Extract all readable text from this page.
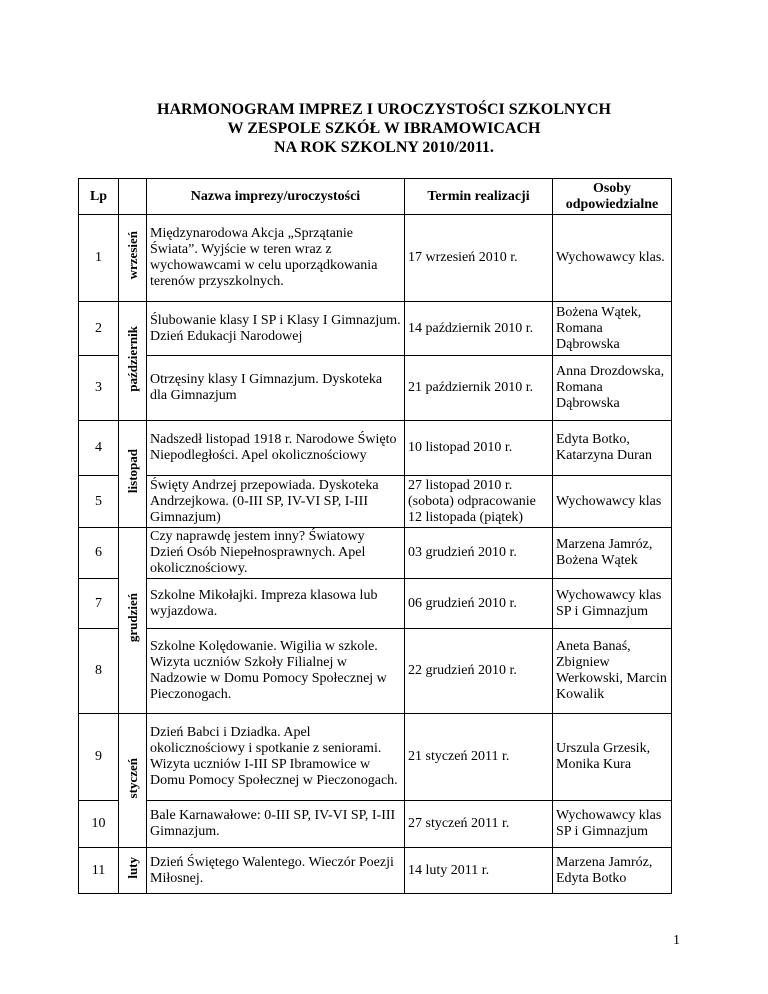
HARMONOGRAM IMPREZ I UROCZYSTOŚCI SZKOLNYCH
W ZESPOLE SZKÓŁ W IBRAMOWICACH
NA ROK SZKOLNY 2010/2011.
Lp		Nazwa imprezy/uroczystości	Termin realizacji	Osoby odpowiedzialne
1	wrzesień	Międzynarodowa Akcja „Sprzątanie Świata”. Wyjście w teren wraz z wychowawcami w celu uporządkowania terenów przyszkolnych.	17 wrzesień 2010 r.	Wychowawcy klas.
2	październik	Ślubowanie klasy I SP i Klasy I Gimnazjum. Dzień Edukacji Narodowej	14 październik 2010 r.	Bożena Wątek, Romana Dąbrowska
3		Otrzęsiny klasy I Gimnazjum. Dyskoteka dla Gimnazjum	21 październik 2010 r.	Anna Drozdowska, Romana Dąbrowska
4	listopad	Nadszedł listopad 1918 r. Narodowe Święto Niepodległości. Apel okolicznościowy	10 listopad 2010 r.	Edyta Botko, Katarzyna Duran
5		Święty Andrzej przepowiada. Dyskoteka Andrzejkowa. (0-III SP, IV-VI SP, I-III Gimnazjum)	27 listopad 2010 r. (sobota) odpracowanie 12 listopada (piątek)	Wychowawcy klas
6	grudzień	Czy naprawdę jestem inny? Światowy Dzień Osób Niepełnosprawnych. Apel okolicznościowy.	03 grudzień 2010 r.	Marzena Jamróz, Bożena Wątek
7		Szkolne Mikołajki. Impreza klasowa lub wyjazdowa.	06 grudzień 2010 r.	Wychowawcy klas SP i Gimnazjum
8		Szkolne Kolędowanie. Wigilia w szkole. Wizyta uczniów Szkoły Filialnej w Nadzowie w Domu Pomocy Społecznej w Pieczonogach.	22 grudzień 2010 r.	Aneta Banaś, Zbigniew Werkowski, Marcin Kowalik
9	styczeń	Dzień Babci i Dziadka. Apel okolicznościowy i spotkanie z seniorami. Wizyta uczniów I-III SP Ibramowice w Domu Pomocy Społecznej w Pieczonogach.	21 styczeń 2011 r.	Urszula Grzesik, Monika Kura
10		Bale Karnawałowe: 0-III SP, IV-VI SP, I-III Gimnazjum.	27 styczeń 2011 r.	Wychowawcy klas SP i Gimnazjum
11	luty	Dzień Świętego Walentego. Wieczór Poezji Miłosnej.	14 luty 2011 r.	Marzena Jamróz, Edyta Botko
1
